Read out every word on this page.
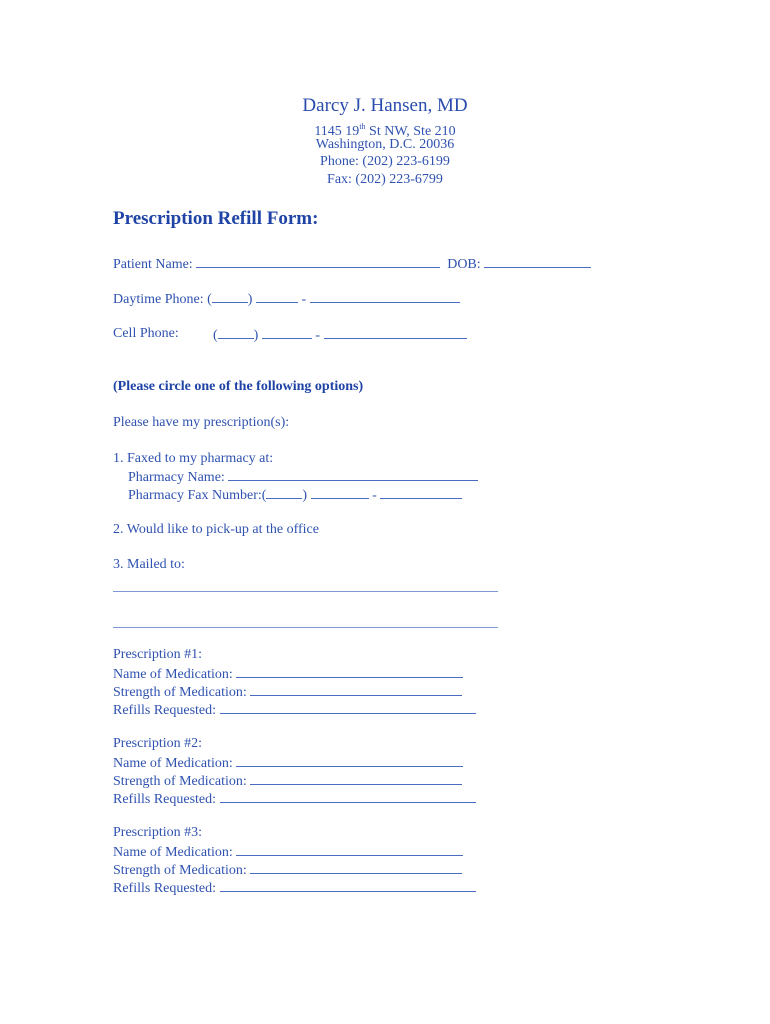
Darcy J. Hansen, MD
1145 19th St NW, Ste 210
Washington, D.C. 20036
Phone: (202) 223-6199
Fax: (202) 223-6799
Prescription Refill Form:
Patient Name:	DOB:
Daytime Phone: (	)	-
Cell Phone: (	)	-
(Please circle one of the following options)
Please have my prescription(s):
1. Faxed to my pharmacy at:
Pharmacy Name:
Pharmacy Fax Number:(	)	-
2. Would like to pick-up at the office
3. Mailed to:
Prescription #1:
Name of Medication:
Strength of Medication:
Refills Requested:
Prescription #2:
Name of Medication:
Strength of Medication:
Refills Requested:
Prescription #3:
Name of Medication:
Strength of Medication:
Refills Requested:
